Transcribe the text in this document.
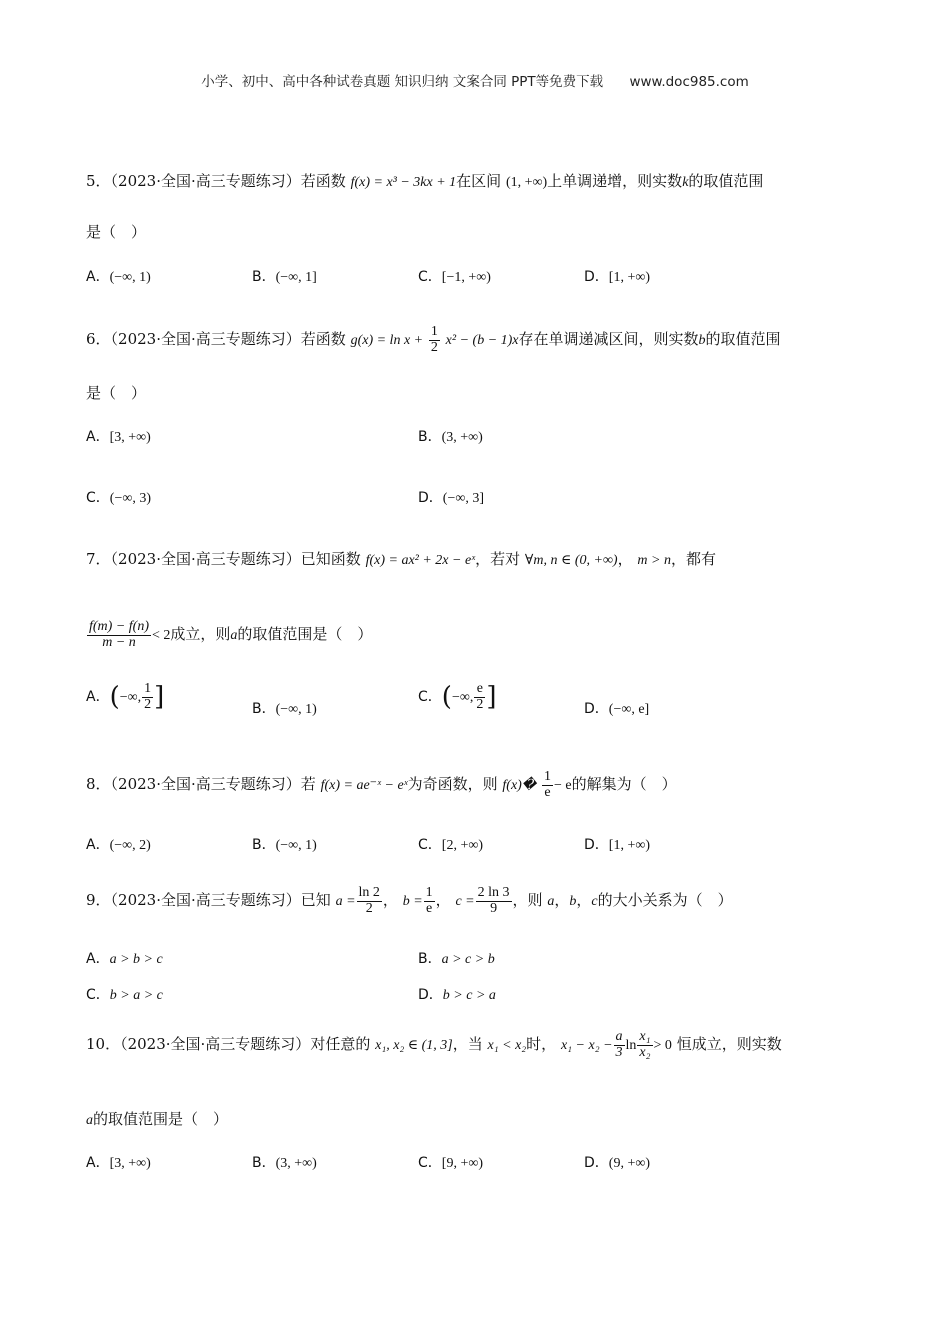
小学、初中、高中各种试卷真题 知识归纳 文案合同 PPT等免费下载 www.doc985.com
5．（2023·全国·高三专题练习）若函数 f(x) = x³ − 3kx + 1在区间 (1, +∞)上单调递增，则实数k的取值范围
是（　）
A．(−∞, 1)	B．(−∞, 1]	C．[−1, +∞)	D．[1, +∞)
6．（2023·全国·高三专题练习）若函数 $g(x) = \ln x + \frac{1}{2} x^2 - (b - 1)x$存在单调递减区间，则实数b的取值范围
是（　）
A．[3, +∞)	B．(3, +∞)
C．(−∞, 3)	D．(−∞, 3]
7．（2023·全国·高三专题练习）已知函数 f(x) = ax² + 2x − eˣ，若对 ∀m, n ∈ (0, +∞)， m > n，都有
$\frac{f(m) - f(n)}{m - n} < 2$成立，则a的取值范围是（　）
A．(−∞, $\frac{1}{2}$ ]	B．(−∞, 1)
C．(−∞, $\frac{e}{2}$ ]	D．(−∞, e]
8．（2023·全国·高三专题练习）若 f(x) = ae⁻ˣ − eˣ为奇函数，则 f(x)� $\frac{1}{e} - e$的解集为（　）
A．(−∞, 2)	B．(−∞, 1)	C．[2, +∞)	D．[1, +∞)
9．（2023·全国·高三专题练习）已知 $a = \frac{\ln 2}{2}$ ， $b = \frac{1}{e}$ ， $c = \frac{2 \ln 3}{9}$ ，则 a，b，c的大小关系为（　）
A．a > b > c	B．a > c > b
C．b > a > c	D．b > c > a
10．（2023·全国·高三专题练习）对任意的 x₁, x₂ ∈ (1, 3]，当 x₁ < x₂时， $x_1 - x_2 - \frac{a}{3}$ $\ln \frac{\text{x₁}}{\text{x₂}} > 0$ 恒成立，则实数
a的取值范围是（　）
A．[3, +∞)	B．(3, +∞)	C．[9, +∞)	D．(9, +∞)
